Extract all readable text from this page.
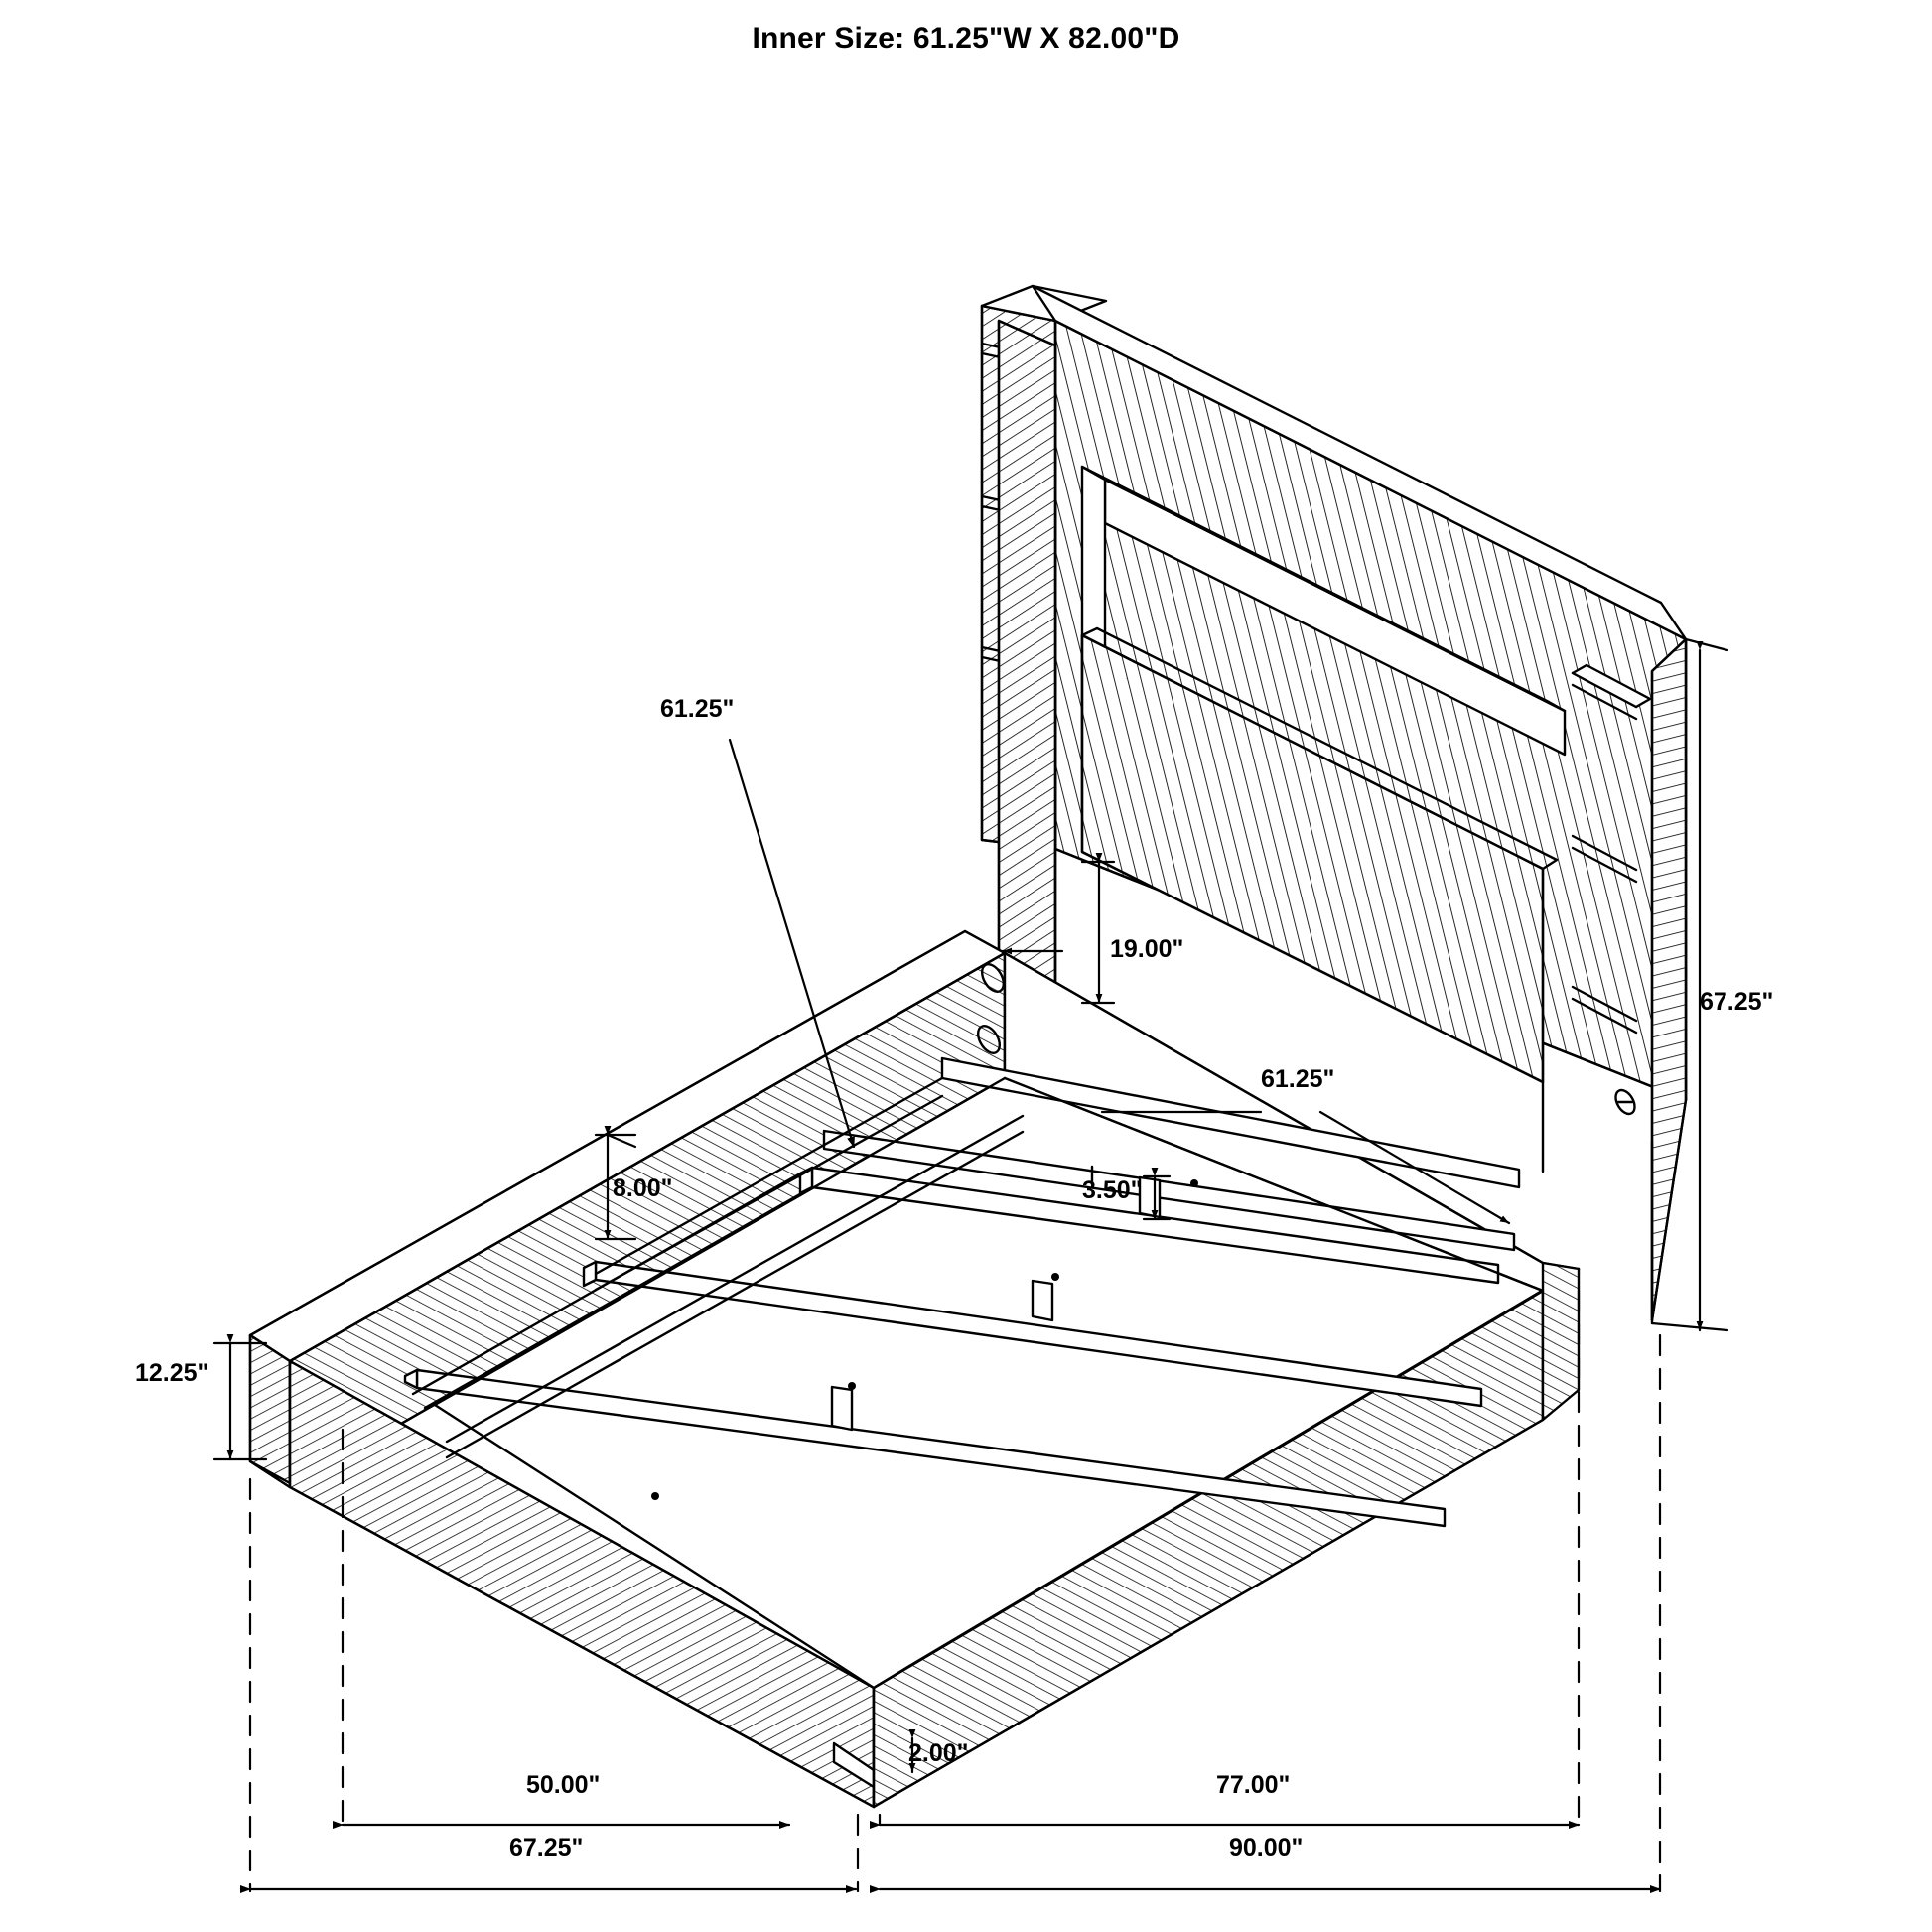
Inner Size: 61.25"W X 82.00"D
61.25"
19.00"
67.25"
61.25"
8.00"	3.50"
12.25"
2.00"
50.00"	77.00"
67.25"	90.00"
